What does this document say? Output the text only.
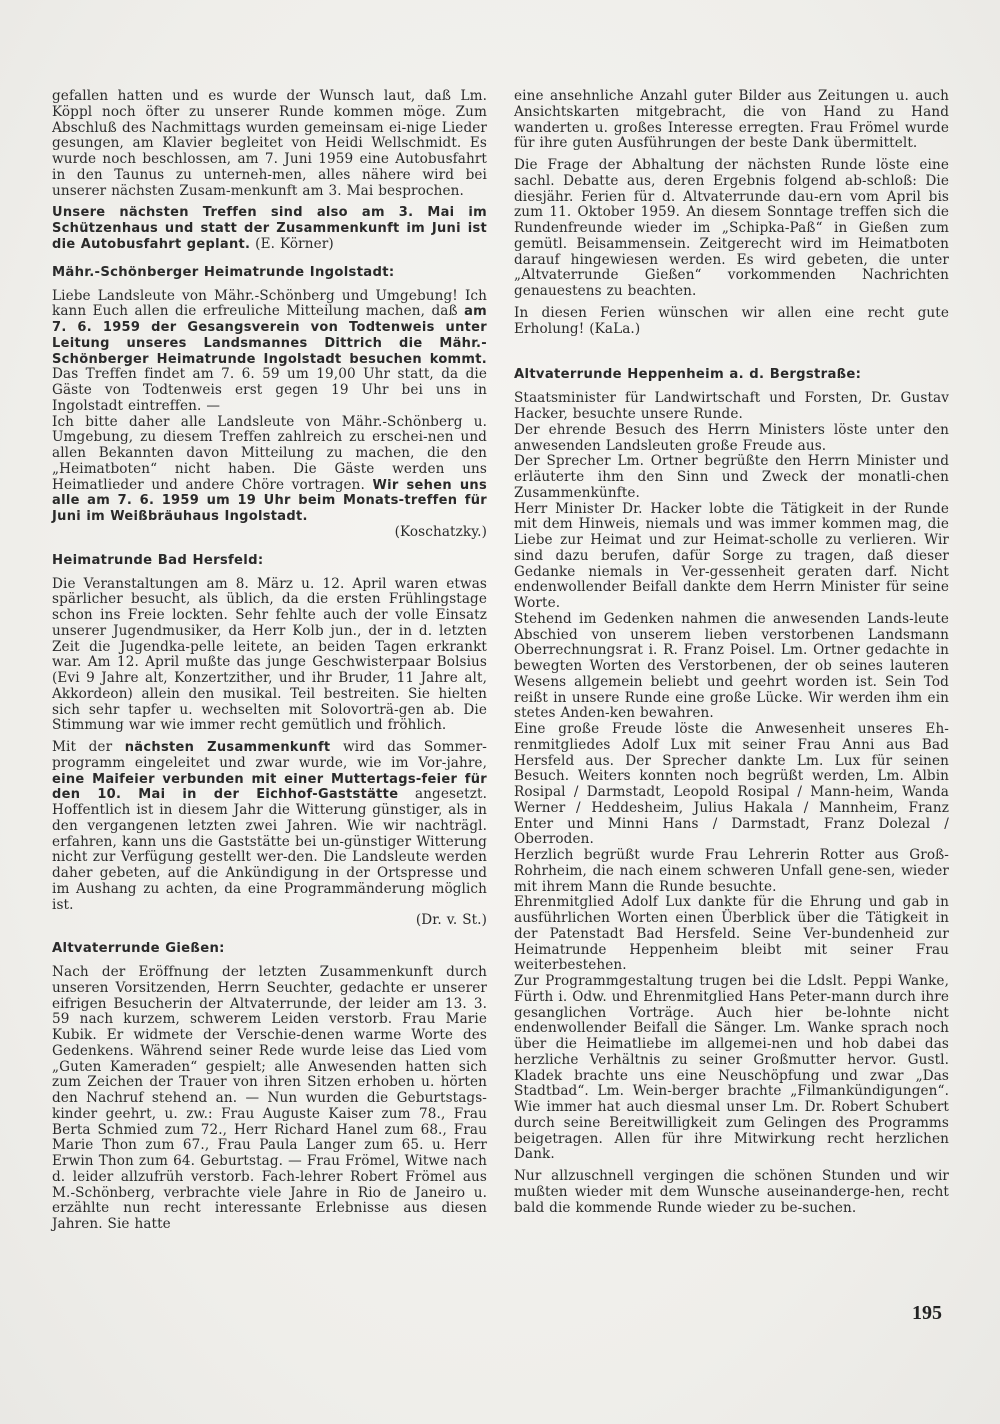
gefallen hatten und es wurde der Wunsch laut, daß Lm. Köppl noch öfter zu unserer Runde kommen möge. Zum Abschluß des Nachmittags wurden gemeinsam ei-nige Lieder gesungen, am Klavier begleitet von Heidi Wellschmidt. Es wurde noch beschlossen, am 7. Juni 1959 eine Autobusfahrt in den Taunus zu unterneh-men, alles nähere wird bei unserer nächsten Zusam-menkunft am 3. Mai besprochen.

Unsere nächsten Treffen sind also am 3. Mai im Schützenhaus und statt der Zusammenkunft im Juni ist die Autobusfahrt geplant. (E. Körner)

Mähr.-Schönberger Heimatrunde Ingolstadt:

Liebe Landsleute von Mähr.-Schönberg und Umgebung! Ich kann Euch allen die erfreuliche Mitteilung machen, daß am 7. 6. 1959 der Gesangsverein von Todtenweis unter Leitung unseres Landsmannes Dittrich die Mähr.-Schönberger Heimatrunde Ingolstadt besuchen kommt. Das Treffen findet am 7. 6. 59 um 19,00 Uhr statt, da die Gäste von Todtenweis erst gegen 19 Uhr bei uns in Ingolstadt eintreffen. —

Ich bitte daher alle Landsleute von Mähr.-Schönberg u. Umgebung, zu diesem Treffen zahlreich zu erschei-nen und allen Bekannten davon Mitteilung zu machen, die den „Heimatboten“ nicht haben. Die Gäste werden uns Heimatlieder und andere Chöre vortragen. Wir sehen uns alle am 7. 6. 1959 um 19 Uhr beim Monats-treffen für Juni im Weißbräuhaus Ingolstadt.

(Koschatzky.)

Heimatrunde Bad Hersfeld:

Die Veranstaltungen am 8. März u. 12. April waren etwas spärlicher besucht, als üblich, da die ersten Frühlingstage schon ins Freie lockten. Sehr fehlte auch der volle Einsatz unserer Jugendmusiker, da Herr Kolb jun., der in d. letzten Zeit die Jugendka-pelle leitete, an beiden Tagen erkrankt war. Am 12. April mußte das junge Geschwisterpaar Bolsius (Evi 9 Jahre alt, Konzertzither, und ihr Bruder, 11 Jahre alt, Akkordeon) allein den musikal. Teil bestreiten. Sie hielten sich sehr tapfer u. wechselten mit Solovorträ-gen ab. Die Stimmung war wie immer recht gemütlich und fröhlich.

Mit der nächsten Zusammenkunft wird das Sommer-programm eingeleitet und zwar wurde, wie im Vor-jahre, eine Maifeier verbunden mit einer Muttertags-feier für den 10. Mai in der Eichhof-Gaststätte angesetzt. Hoffentlich ist in diesem Jahr die Witterung günstiger, als in den vergangenen letzten zwei Jahren. Wie wir nachträgl. erfahren, kann uns die Gaststätte bei un-günstiger Witterung nicht zur Verfügung gestellt wer-den. Die Landsleute werden daher gebeten, auf die Ankündigung in der Ortspresse und im Aushang zu achten, da eine Programmänderung möglich ist.

(Dr. v. St.)

Altvaterrunde Gießen:

Nach der Eröffnung der letzten Zusammenkunft durch unseren Vorsitzenden, Herrn Seuchter, gedachte er unserer eifrigen Besucherin der Altvaterrunde, der leider am 13. 3. 59 nach kurzem, schwerem Leiden verstorb. Frau Marie Kubik. Er widmete der Verschie-denen warme Worte des Gedenkens. Während seiner Rede wurde leise das Lied vom „Guten Kameraden“ gespielt; alle Anwesenden hatten sich zum Zeichen der Trauer von ihren Sitzen erhoben u. hörten den Nachruf stehend an. — Nun wurden die Geburtstags-kinder geehrt, u. zw.: Frau Auguste Kaiser zum 78., Frau Berta Schmied zum 72., Herr Richard Hanel zum 68., Frau Marie Thon zum 67., Frau Paula Langer zum 65. u. Herr Erwin Thon zum 64. Geburtstag. — Frau Frömel, Witwe nach d. leider allzufrüh verstorb. Fach-lehrer Robert Frömel aus M.-Schönberg, verbrachte viele Jahre in Rio de Janeiro u. erzählte nun recht interessante Erlebnisse aus diesen Jahren. Sie hatte

eine ansehnliche Anzahl guter Bilder aus Zeitungen u. auch Ansichtskarten mitgebracht, die von Hand zu Hand wanderten u. großes Interesse erregten. Frau Frömel wurde für ihre guten Ausführungen der beste Dank übermittelt.

Die Frage der Abhaltung der nächsten Runde löste eine sachl. Debatte aus, deren Ergebnis folgend ab-schloß: Die diesjähr. Ferien für d. Altvaterrunde dau-ern vom April bis zum 11. Oktober 1959. An diesem Sonntage treffen sich die Rundenfreunde wieder im „Schipka-Paß“ in Gießen zum gemütl. Beisammensein. Zeitgerecht wird im Heimatboten darauf hingewiesen werden. Es wird gebeten, die unter „Altvaterrunde Gießen“ vorkommenden Nachrichten genauestens zu beachten.

In diesen Ferien wünschen wir allen eine recht gute Erholung! (KaLa.)

Altvaterrunde Heppenheim a. d. Bergstraße:

Staatsminister für Landwirtschaft und Forsten, Dr. Gustav Hacker, besuchte unsere Runde.

Der ehrende Besuch des Herrn Ministers löste unter den anwesenden Landsleuten große Freude aus.

Der Sprecher Lm. Ortner begrüßte den Herrn Minister und erläuterte ihm den Sinn und Zweck der monatli-chen Zusammenkünfte.

Herr Minister Dr. Hacker lobte die Tätigkeit in der Runde mit dem Hinweis, niemals und was immer kommen mag, die Liebe zur Heimat und zur Heimat-scholle zu verlieren. Wir sind dazu berufen, dafür Sorge zu tragen, daß dieser Gedanke niemals in Ver-gessenheit geraten darf. Nicht endenwollender Beifall dankte dem Herrn Minister für seine Worte.

Stehend im Gedenken nahmen die anwesenden Lands-leute Abschied von unserem lieben verstorbenen Landsmann Oberrechnungsrat i. R. Franz Poisel. Lm. Ortner gedachte in bewegten Worten des Verstorbenen, der ob seines lauteren Wesens allgemein beliebt und geehrt worden ist. Sein Tod reißt in unsere Runde eine große Lücke. Wir werden ihm ein stetes Anden-ken bewahren.

Eine große Freude löste die Anwesenheit unseres Eh-renmitgliedes Adolf Lux mit seiner Frau Anni aus Bad Hersfeld aus. Der Sprecher dankte Lm. Lux für seinen Besuch. Weiters konnten noch begrüßt werden, Lm. Albin Rosipal / Darmstadt, Leopold Rosipal / Mann-heim, Wanda Werner / Heddesheim, Julius Hakala / Mannheim, Franz Enter und Minni Hans / Darmstadt, Franz Dolezal / Oberroden.

Herzlich begrüßt wurde Frau Lehrerin Rotter aus Groß-Rohrheim, die nach einem schweren Unfall gene-sen, wieder mit ihrem Mann die Runde besuchte.

Ehrenmitglied Adolf Lux dankte für die Ehrung und gab in ausführlichen Worten einen Überblick über die Tätigkeit in der Patenstadt Bad Hersfeld. Seine Ver-bundenheid zur Heimatrunde Heppenheim bleibt mit seiner Frau weiterbestehen.

Zur Programmgestaltung trugen bei die Ldslt. Peppi Wanke, Fürth i. Odw. und Ehrenmitglied Hans Peter-mann durch ihre gesanglichen Vorträge. Auch hier be-lohnte nicht endenwollender Beifall die Sänger. Lm. Wanke sprach noch über die Heimatliebe im allgemei-nen und hob dabei das herzliche Verhältnis zu seiner Großmutter hervor. Gustl. Kladek brachte uns eine Neuschöpfung und zwar „Das Stadtbad“. Lm. Wein-berger brachte „Filmankündigungen“. Wie immer hat auch diesmal unser Lm. Dr. Robert Schubert durch seine Bereitwilligkeit zum Gelingen des Programms beigetragen. Allen für ihre Mitwirkung recht herzlichen Dank.

Nur allzuschnell vergingen die schönen Stunden und wir mußten wieder mit dem Wunsche auseinanderge-hen, recht bald die kommende Runde wieder zu be-suchen.

195
